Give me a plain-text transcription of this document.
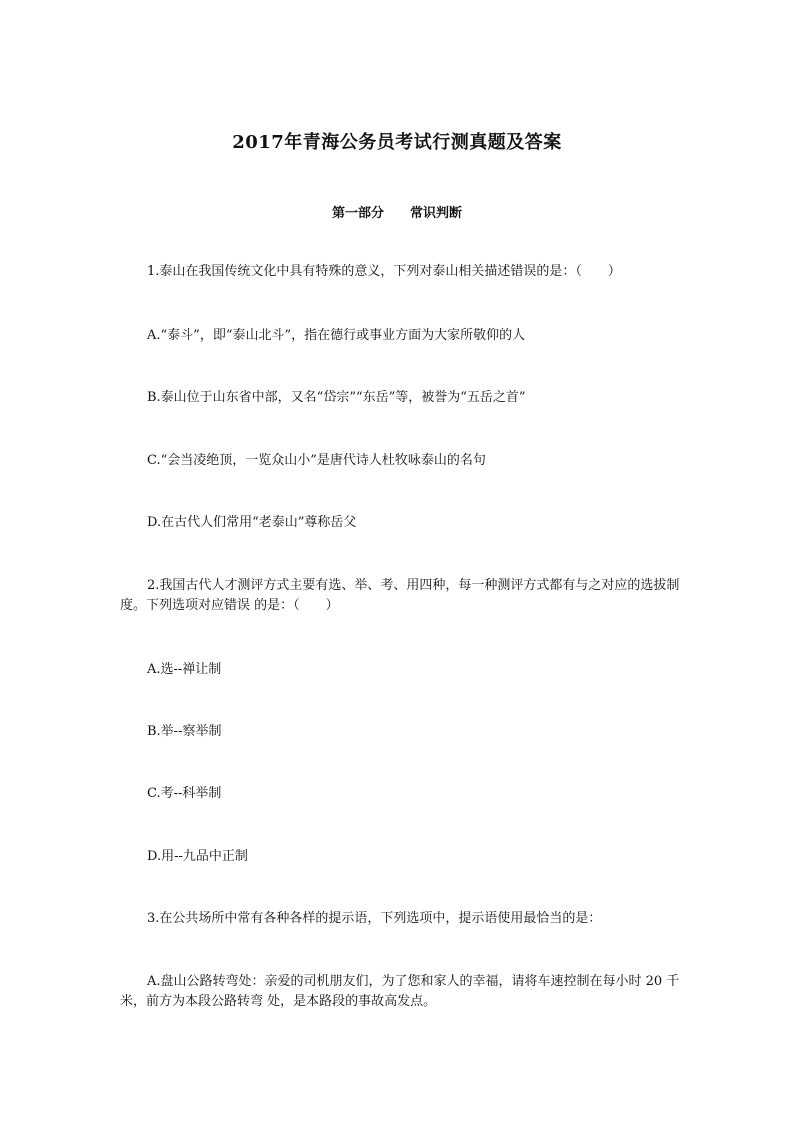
2017年青海公务员考试行测真题及答案
第一部分 常识判断
1.泰山在我国传统文化中具有特殊的意义，下列对泰山相关描述错误的是：（　　）
A.“泰斗”，即“泰山北斗”，指在德行或事业方面为大家所敬仰的人
B.泰山位于山东省中部，又名“岱宗”“东岳”等，被誉为“五岳之首”
C.“会当凌绝顶，一览众山小”是唐代诗人杜牧咏泰山的名句
D.在古代人们常用“老泰山”尊称岳父
2.我国古代人才测评方式主要有选、举、考、用四种，每一种测评方式都有与之对应的选拔制度。下列选项对应错误 的是：（　　）
A.选--禅让制
B.举--察举制
C.考--科举制
D.用--九品中正制
3.在公共场所中常有各种各样的提示语，下列选项中，提示语使用最恰当的是：
A.盘山公路转弯处：亲爱的司机朋友们，为了您和家人的幸福，请将车速控制在每小时 20 千米，前方为本段公路转弯 处，是本路段的事故高发点。
